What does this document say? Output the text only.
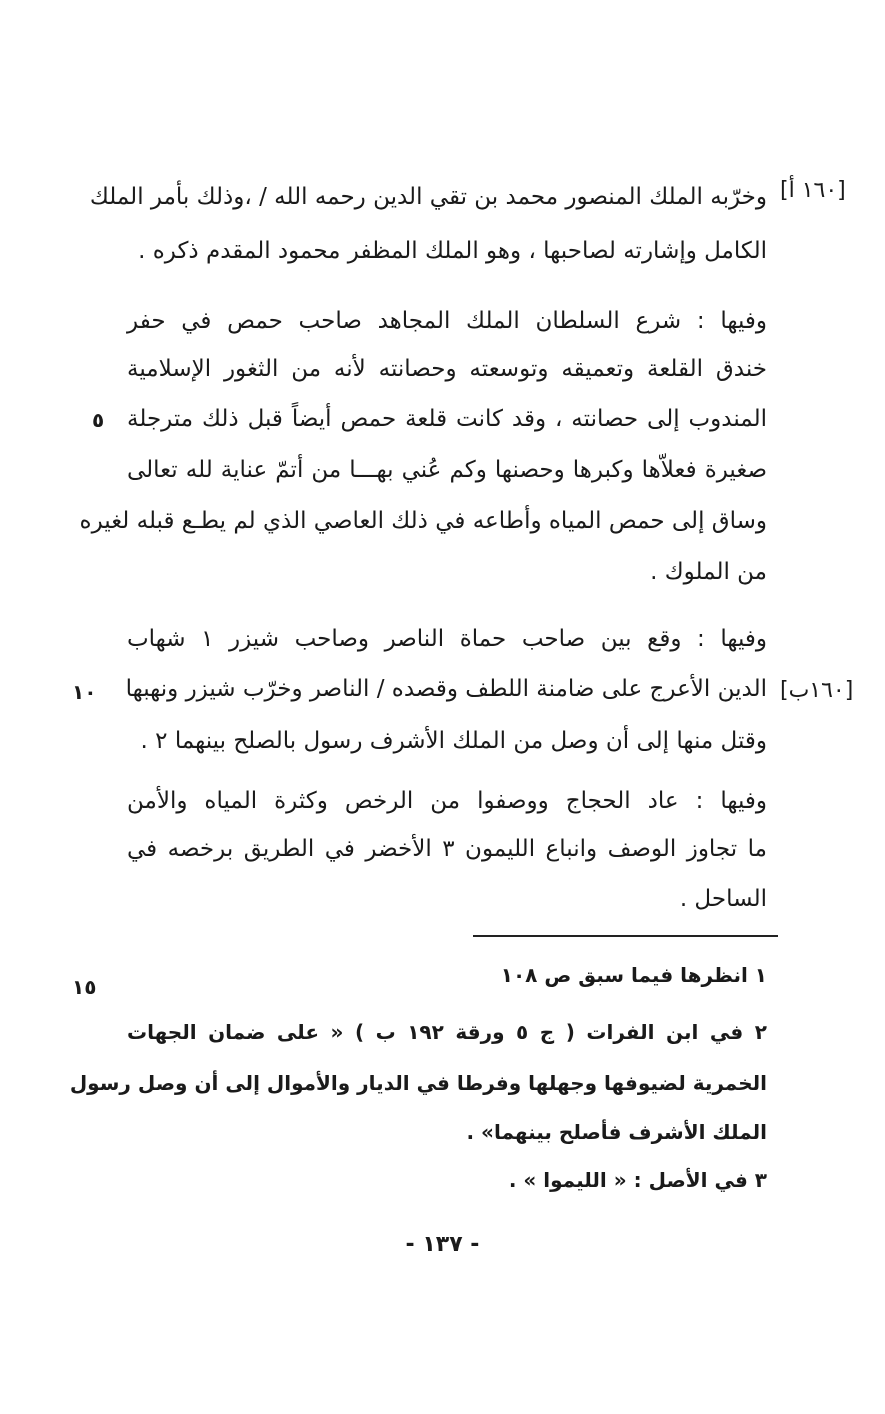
[١٦٠ أ]
[١٦٠ب]
٥
١٠
١٥
وخرّبه الملك المنصور محمد بن تقي الدين رحمه الله / ،وذلك بأمر الملك
الكامل وإشارته لصاحبها ، وهو الملك المظفر محمود المقدم ذكره .
وفيها : شرع السلطان الملك المجاهد صاحب حمص في حفر
خندق القلعة وتعميقه وتوسعته وحصانته لأنه من الثغور الإسلامية
المندوب إلى حصانته ، وقد كانت قلعة حمص أيضاً قبل ذلك مترجلة
صغيرة فعلاّها وكبرها وحصنها وكم عُني بهـــا من أتمّ عناية لله تعالى
وساق إلى حمص المياه وأطاعه في ذلك العاصي الذي لم يطـع قبله لغيره
من الملوك .
وفيها : وقع بين صاحب حماة الناصر وصاحب شيزر ١ شهاب
الدين الأعرج على ضامنة اللطف وقصده / الناصر وخرّب شيزر ونهبها
وقتل منها إلى أن وصل من الملك الأشرف رسول بالصلح بينهما ٢ .
وفيها : عاد الحجاج ووصفوا من الرخص وكثرة المياه والأمن
ما تجاوز الوصف وانباع الليمون ٣ الأخضر في الطريق برخصه في
الساحل .
١ انظرها فيما سبق ص ١٠٨
٢ في ابن الفرات ( ج ٥ ورقة ١٩٢ ب ) « على ضمان الجهات
الخمرية لضيوفها وجهلها وفرطا في الديار والأموال إلى أن وصل رسول
الملك الأشرف فأصلح بينهما» .
٣ في الأصل : « الليموا » .
- ١٣٧ -
